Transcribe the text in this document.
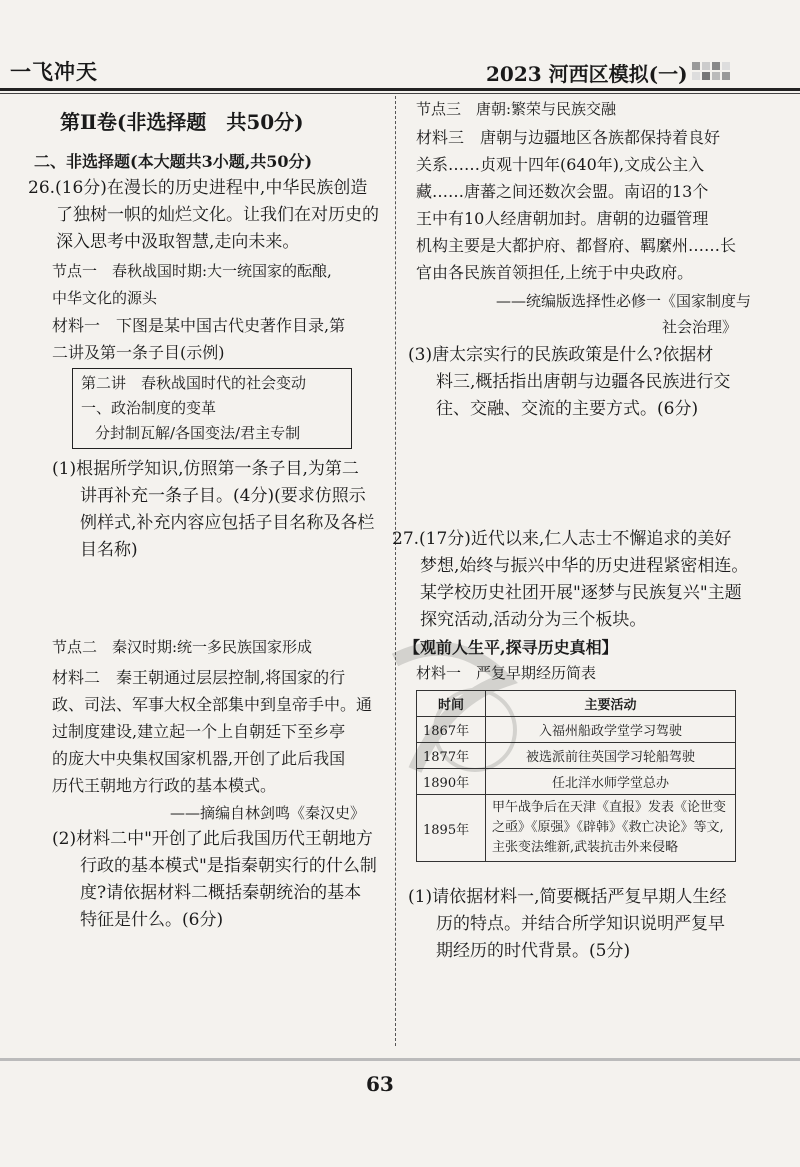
一飞冲天	2023 河西区模拟(一)
第Ⅱ卷(非选择题　共50分)
二、非选择题(本大题共3小题,共50分)
26.(16分)在漫长的历史进程中,中华民族创造
了独树一帜的灿烂文化。让我们在对历史的
深入思考中汲取智慧,走向未来。
节点一　春秋战国时期:大一统国家的酝酿,
中华文化的源头
材料一　下图是某中国古代史著作目录,第
二讲及第一条子目(示例)
第二讲　春秋战国时代的社会变动
一、政治制度的变革
分封制瓦解/各国变法/君主专制
(1)根据所学知识,仿照第一条子目,为第二
讲再补充一条子目。(4分)(要求仿照示
例样式,补充内容应包括子目名称及各栏
目名称)
节点二　秦汉时期:统一多民族国家形成
材料二　秦王朝通过层层控制,将国家的行
政、司法、军事大权全部集中到皇帝手中。通
过制度建设,建立起一个上自朝廷下至乡亭
的庞大中央集权国家机器,开创了此后我国
历代王朝地方行政的基本模式。
——摘编自林剑鸣《秦汉史》
(2)材料二中"开创了此后我国历代王朝地方
行政的基本模式"是指秦朝实行的什么制
度?请依据材料二概括秦朝统治的基本
特征是什么。(6分)
节点三　唐朝:繁荣与民族交融
材料三　唐朝与边疆地区各族都保持着良好
关系……贞观十四年(640年),文成公主入
藏……唐蕃之间还数次会盟。南诏的13个
王中有10人经唐朝加封。唐朝的边疆管理
机构主要是大都护府、都督府、羁縻州……长
官由各民族首领担任,上统于中央政府。
——统编版选择性必修一《国家制度与
社会治理》
(3)唐太宗实行的民族政策是什么?依据材
料三,概括指出唐朝与边疆各民族进行交
往、交融、交流的主要方式。(6分)
27.(17分)近代以来,仁人志士不懈追求的美好
梦想,始终与振兴中华的历史进程紧密相连。
某学校历史社团开展"逐梦与民族复兴"主题
探究活动,活动分为三个板块。
【观前人生平,探寻历史真相】
材料一　严复早期经历简表
时间	主要活动
1867年	入福州船政学堂学习驾驶
1877年	被选派前往英国学习轮船驾驶
1890年	任北洋水师学堂总办
1895年	甲午战争后在天津《直报》发表《论世变之亟》《原强》《辟韩》《救亡决论》等文,主张变法维新,武装抗击外来侵略
(1)请依据材料一,简要概括严复早期人生经
历的特点。并结合所学知识说明严复早
期经历的时代背景。(5分)
63
